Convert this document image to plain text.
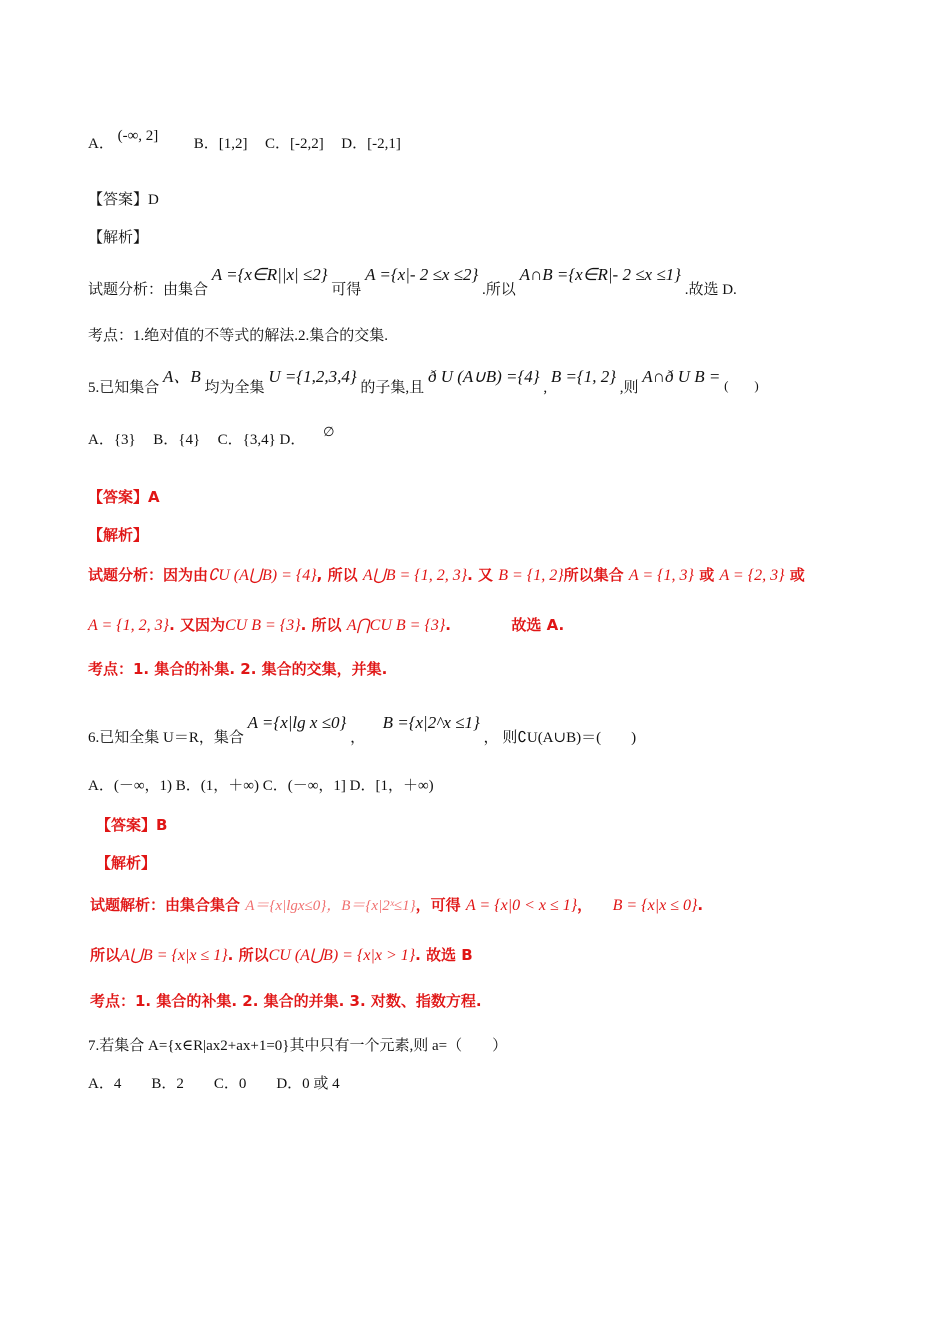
A． (-∞, 2] B．[1,2] C．[-2,2] D．[-2,1]
【答案】D
【解析】
试题分析：由集合 A ={x∈R||x| ≤2} 可得 A ={x|- 2 ≤x ≤2} .所以 A∩B ={x∈R|- 2 ≤x ≤1} .故选 D.
考点：1.绝对值的不等式的解法.2.集合的交集.
5.已知集合 A、B 均为全集 U ={1,2,3,4} 的子集,且 ð U (A∪B) ={4} , B ={1, 2} ,则 A∩ð U B = (　　)
A．{3} B．{4} C．{3,4} D． ∅
【答案】A
【解析】
试题分析：因为由∁U (A⋃B) = {4}, 所以 A⋃B = {1, 2, 3}. 又 B = {1, 2}所以集合 A = {1, 3} 或 A = {2, 3} 或
A = {1, 2, 3}. 又因为CU B = {3}. 所以 A⋂CU B = {3}.	故选 A.
考点：1. 集合的补集. 2. 集合的交集，并集.
6.已知全集 U＝R，集合 A ={x|lg x ≤0} ，  B ={x|2^x ≤1} ， 则∁U(A∪B)＝(　　)
A．(－∞，1) B．(1，＋∞) C．(－∞，1] D．[1，＋∞)
【答案】B
【解析】
试题解析：由集合集合 A＝{x|lgx≤0}，B＝{x|2ˣ≤1}，可得 A = {x|0 < x ≤ 1}， B = {x|x ≤ 0}.
所以A⋃B = {x|x ≤ 1}. 所以CU (A⋃B) = {x|x > 1}. 故选 B
考点：1. 集合的补集. 2. 集合的并集. 3. 对数、指数方程.
7.若集合 A={x∈R|ax2+ax+1=0}其中只有一个元素,则 a=（　　）
A．4　　B．2　　C．0　　D．0 或 4
